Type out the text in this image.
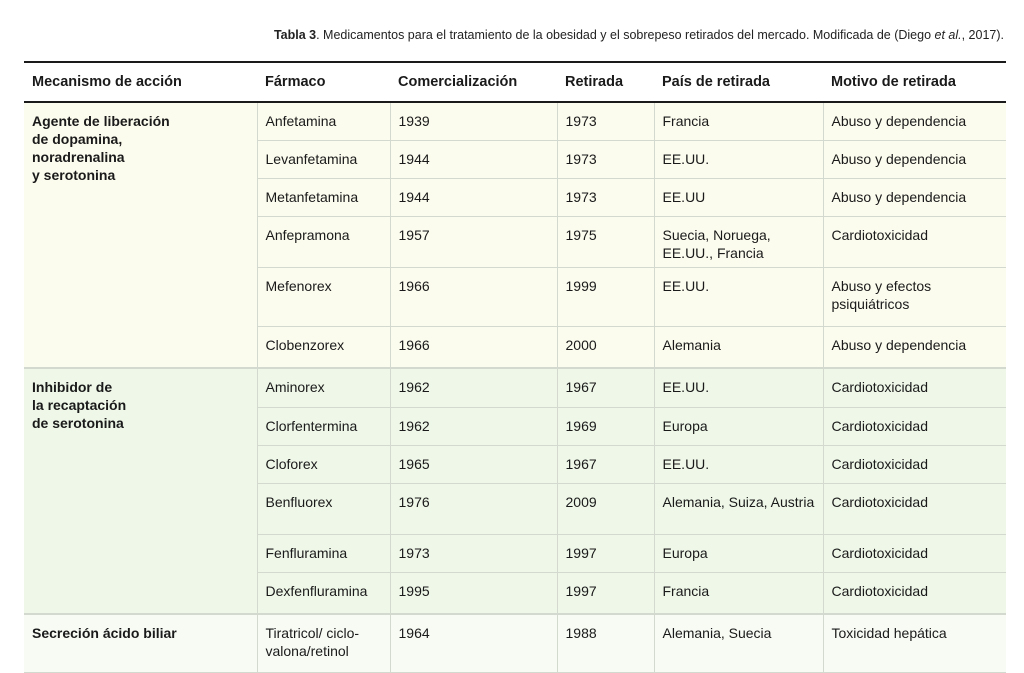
Tabla 3. Medicamentos para el tratamiento de la obesidad y el sobrepeso retirados del mercado. Modificada de (Diego et al., 2017).
Mecanismo de acción	Fármaco	Comercialización	Retirada	País de retirada	Motivo de retirada
Agente de liberación
de dopamina,
noradrenalina
y serotonina	Anfetamina	1939	1973	Francia	Abuso y dependencia
	Levanfetamina	1944	1973	EE.UU.	Abuso y dependencia
	Metanfetamina	1944	1973	EE.UU	Abuso y dependencia
	Anfepramona	1957	1975	Suecia, Noruega, EE.UU., Francia	Cardiotoxicidad
	Mefenorex	1966	1999	EE.UU.	Abuso y efectos psiquiátricos
	Clobenzorex	1966	2000	Alemania	Abuso y dependencia
Inhibidor de
la recaptación
de serotonina	Aminorex	1962	1967	EE.UU.	Cardiotoxicidad
	Clorfentermina	1962	1969	Europa	Cardiotoxicidad
	Cloforex	1965	1967	EE.UU.	Cardiotoxicidad
	Benfluorex	1976	2009	Alemania, Suiza, Austria	Cardiotoxicidad
	Fenfluramina	1973	1997	Europa	Cardiotoxicidad
	Dexfenfluramina	1995	1997	Francia	Cardiotoxicidad
Secreción ácido biliar	Tiratricol/ ciclo-valona/retinol	1964	1988	Alemania, Suecia	Toxicidad hepática
